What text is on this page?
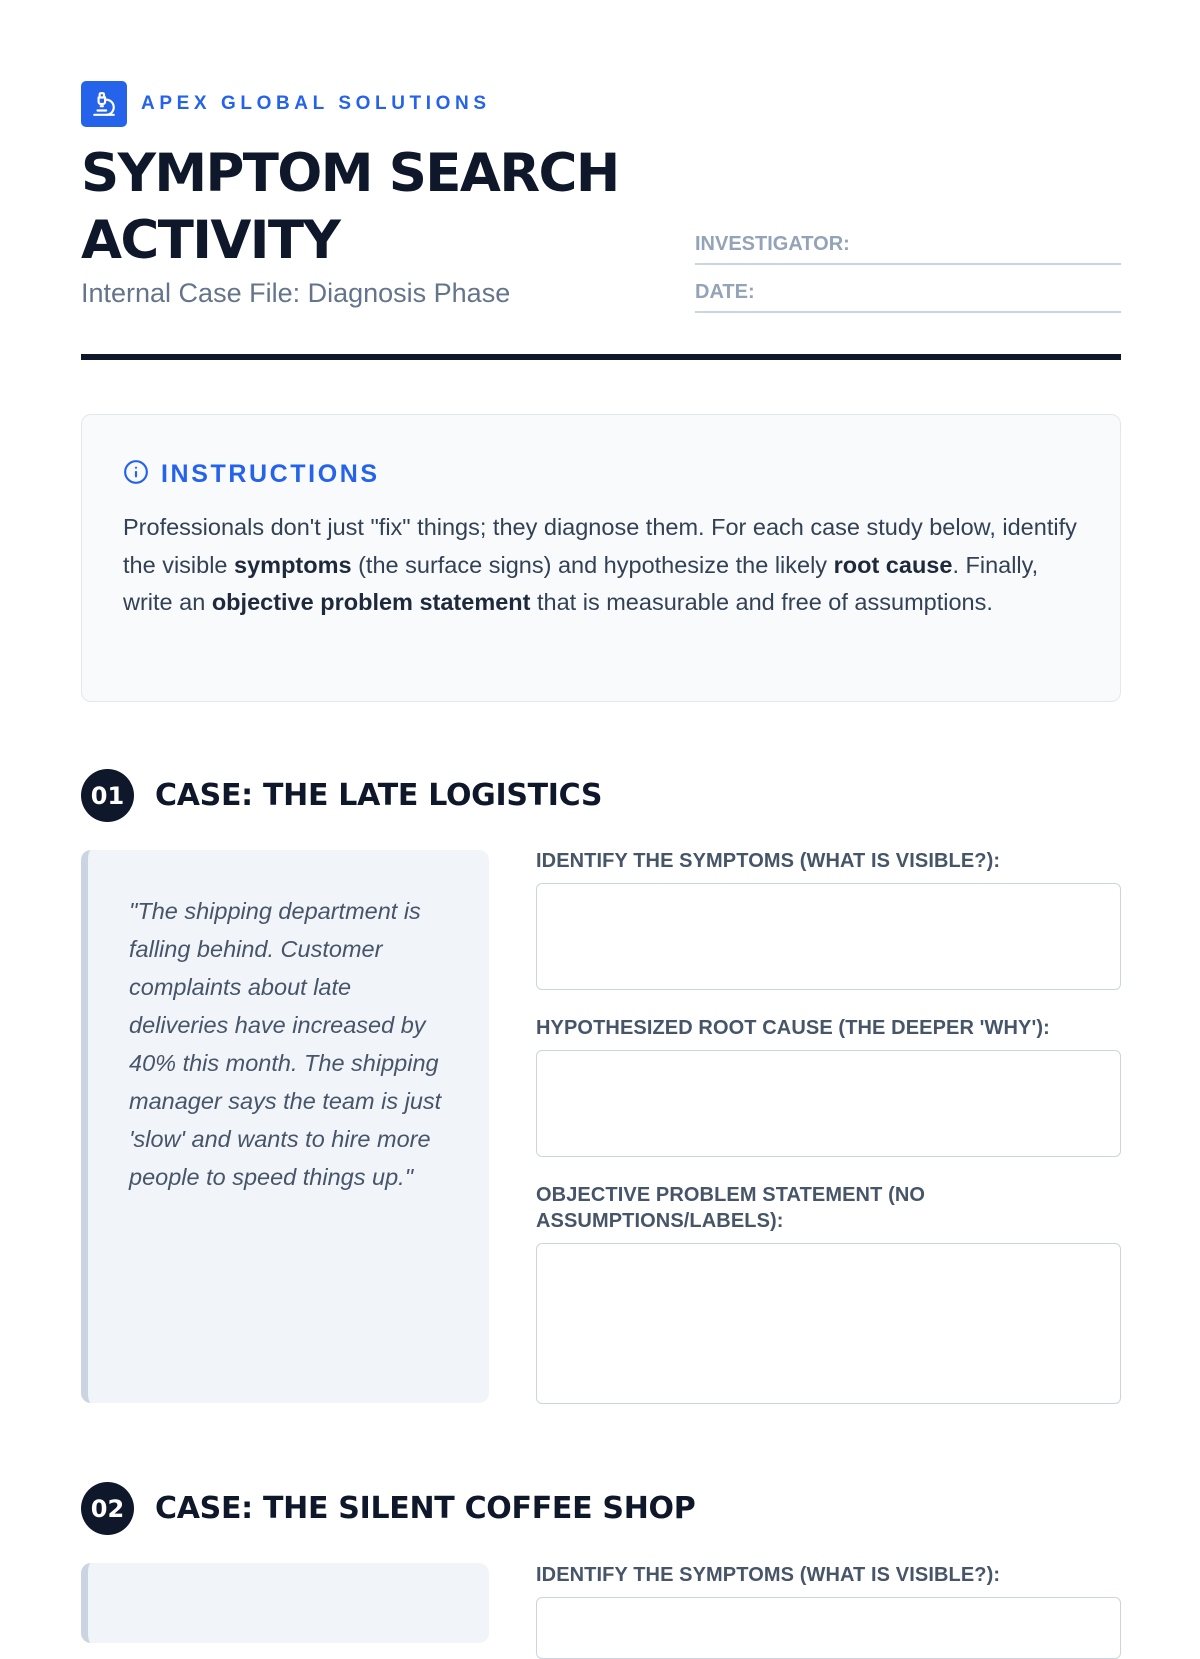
APEX GLOBAL SOLUTIONS
SYMPTOM SEARCH ACTIVITY
Internal Case File: Diagnosis Phase
INVESTIGATOR:
DATE:
INSTRUCTIONS

Professionals don't just "fix" things; they diagnose them. For each case study below, identify the visible symptoms (the surface signs) and hypothesize the likely root cause. Finally, write an objective problem statement that is measurable and free of assumptions.

01	CASE: THE LATE LOGISTICS

"The shipping department is falling behind. Customer complaints about late deliveries have increased by 40% this month. The shipping manager says the team is just 'slow' and wants to hire more people to speed things up."

IDENTIFY THE SYMPTOMS (WHAT IS VISIBLE?):
HYPOTHESIZED ROOT CAUSE (THE DEEPER 'WHY'):
OBJECTIVE PROBLEM STATEMENT (NO ASSUMPTIONS/LABELS):
02	CASE: THE SILENT COFFEE SHOP
IDENTIFY THE SYMPTOMS (WHAT IS VISIBLE?):
